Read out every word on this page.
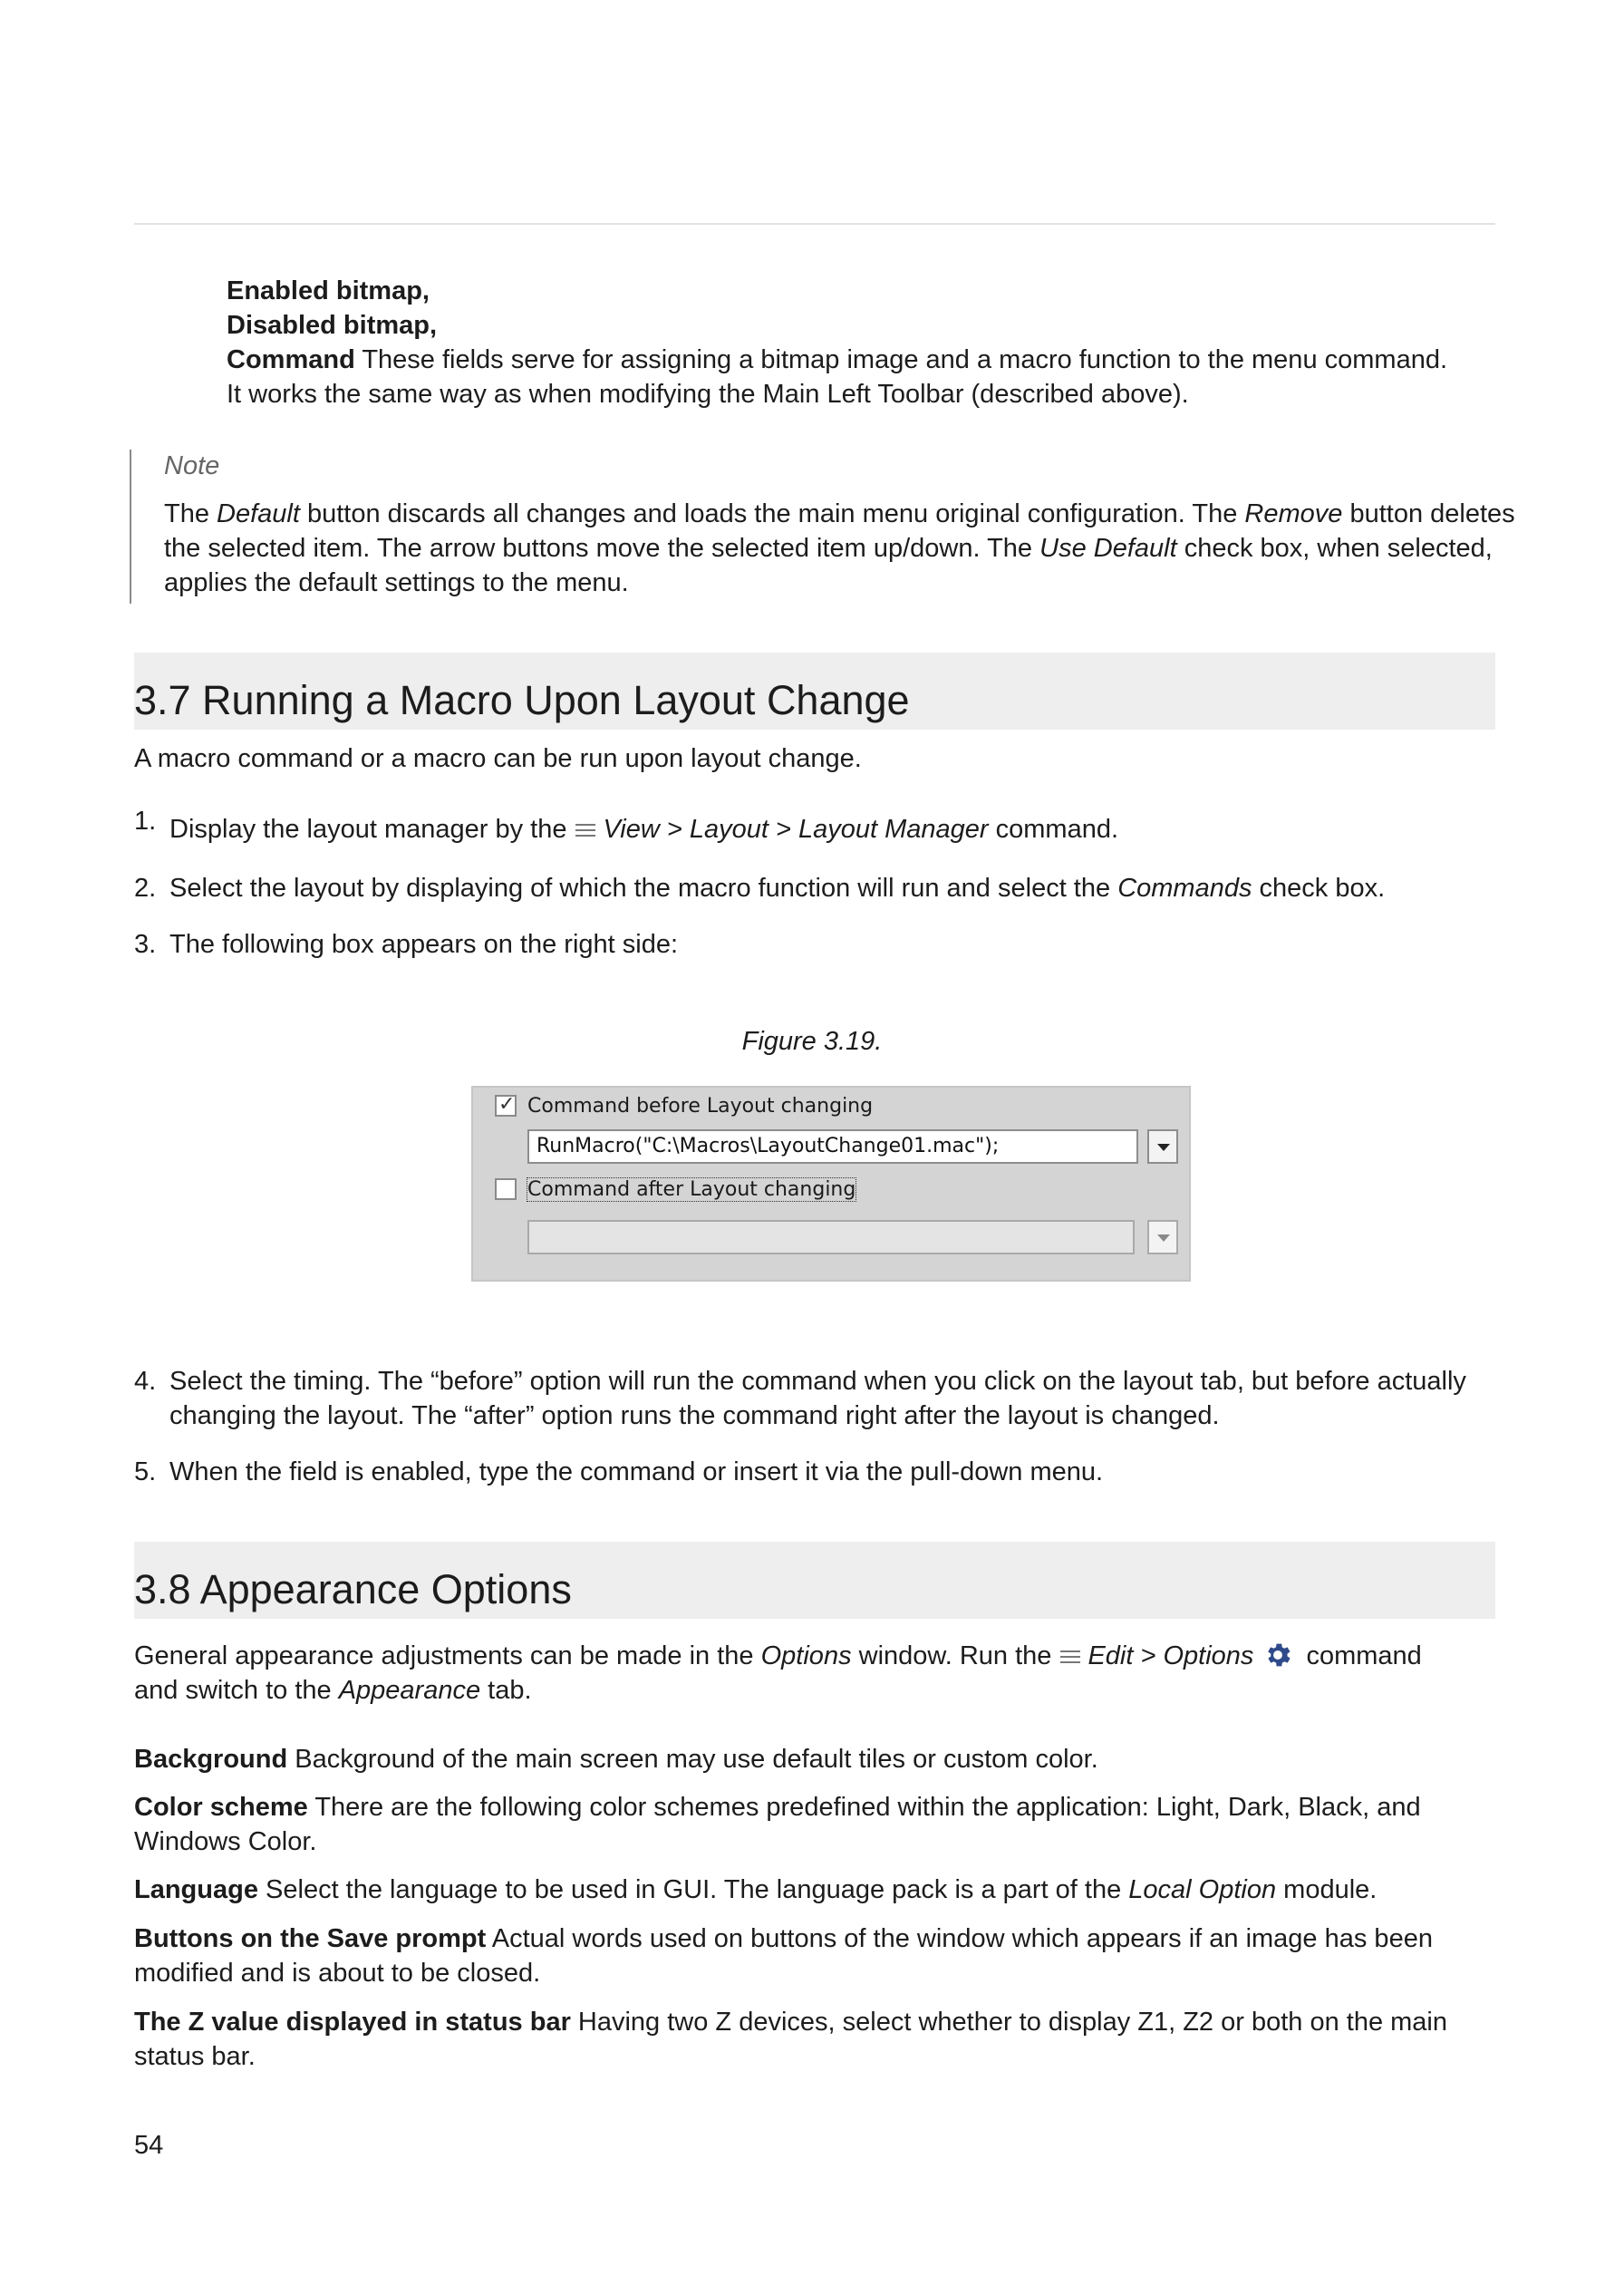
Enabled bitmap,
Disabled bitmap,
Command These fields serve for assigning a bitmap image and a macro function to the menu command.
It works the same way as when modifying the Main Left Toolbar (described above).
Note
The Default button discards all changes and loads the main menu original configuration. The Remove button deletes the selected item. The arrow buttons move the selected item up/down. The Use Default check box, when selected, applies the default settings to the menu.
3.7 Running a Macro Upon Layout Change
A macro command or a macro can be run upon layout change.
1. Display the layout manager by the View > Layout > Layout Manager command.
2. Select the layout by displaying of which the macro function will run and select the Commands check box.
3. The following box appears on the right side:
Figure 3.19.
✓ Command before Layout changing
RunMacro("C:\Macros\LayoutChange01.mac");
Command after Layout changing
4. Select the timing. The “before” option will run the command when you click on the layout tab, but before actually changing the layout. The “after” option runs the command right after the layout is changed.
5. When the field is enabled, type the command or insert it via the pull-down menu.
3.8 Appearance Options
General appearance adjustments can be made in the Options window. Run the Edit > Options command
and switch to the Appearance tab.
Background Background of the main screen may use default tiles or custom color.
Color scheme There are the following color schemes predefined within the application: Light, Dark, Black, and Windows Color.
Language Select the language to be used in GUI. The language pack is a part of the Local Option module.
Buttons on the Save prompt Actual words used on buttons of the window which appears if an image has been modified and is about to be closed.
The Z value displayed in status bar Having two Z devices, select whether to display Z1, Z2 or both on the main status bar.
54
